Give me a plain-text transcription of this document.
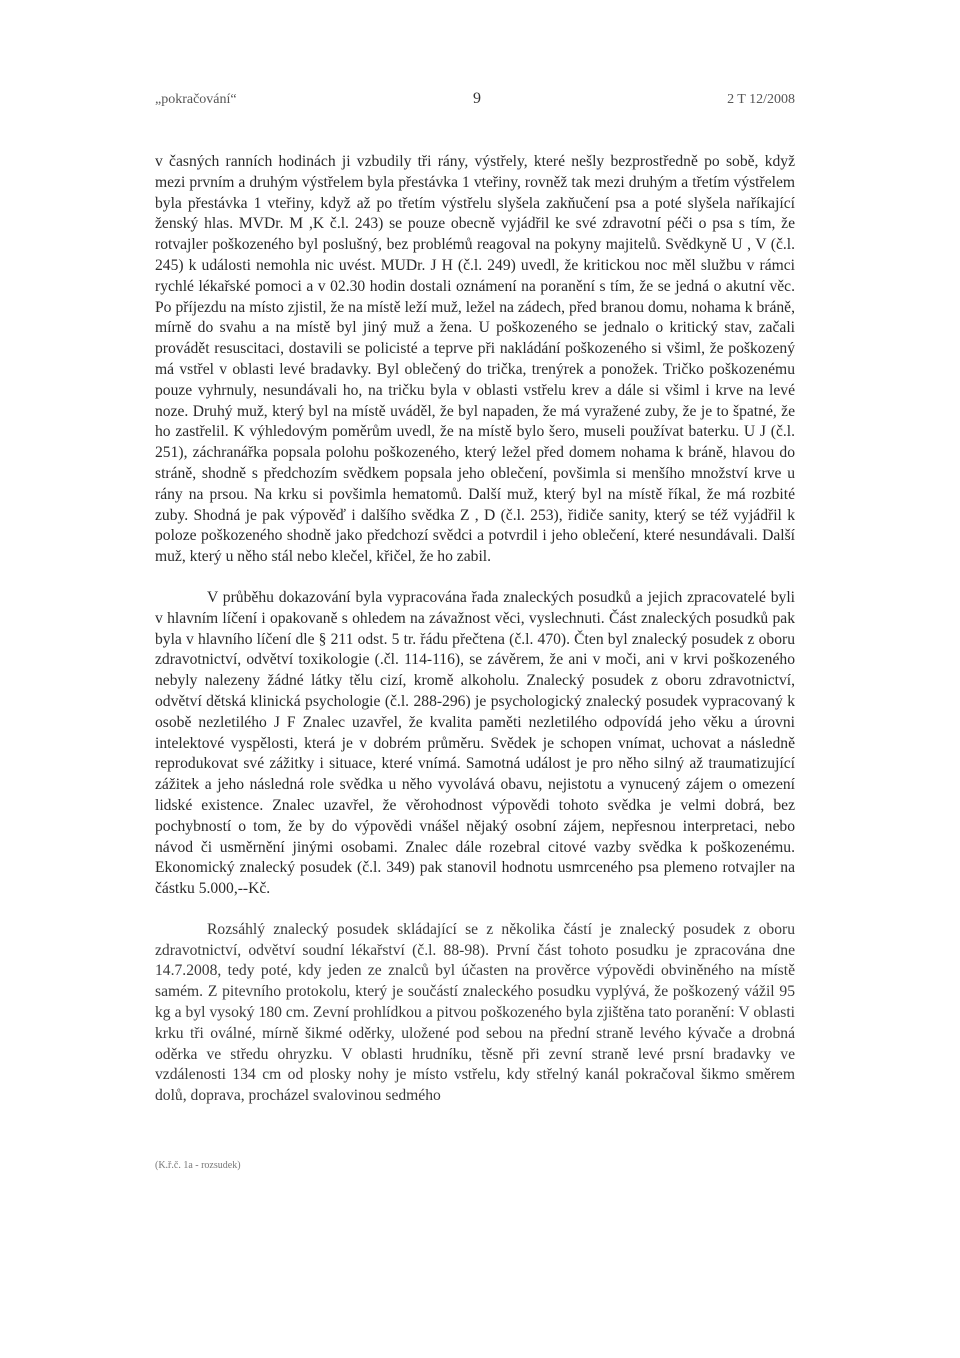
„pokračování“	9	2 T 12/2008

v časných ranních hodinách ji vzbudily tři rány, výstřely, které nešly bezprostředně po sobě, když mezi prvním a druhým výstřelem byla přestávka 1 vteřiny, rovněž tak mezi druhým a třetím výstřelem byla přestávka 1 vteřiny, když až po třetím výstřelu slyšela zakňučení psa a poté slyšela naříkající ženský hlas. MVDr. M ,K č.l. 243) se pouze obecně vyjádřil ke své zdravotní péči o psa s tím, že rotvajler poškozeného byl poslušný, bez problémů reagoval na pokyny majitelů. Svědkyně U , V (č.l. 245) k události nemohla nic uvést. MUDr. J H (č.l. 249) uvedl, že kritickou noc měl službu v rámci rychlé lékařské pomoci a v 02.30 hodin dostali oznámení na poranění s tím, že se jedná o akutní věc. Po příjezdu na místo zjistil, že na místě leží muž, ležel na zádech, před branou domu, nohama k bráně, mírně do svahu a na místě byl jiný muž a žena. U poškozeného se jednalo o kritický stav, začali provádět resuscitaci, dostavili se policisté a teprve při nakládání poškozeného si všiml, že poškozený má vstřel v oblasti levé bradavky. Byl oblečený do trička, trenýrek a ponožek. Tričko poškozenému pouze vyhrnuly, nesundávali ho, na tričku byla v oblasti vstřelu krev a dále si všiml i krve na levé noze. Druhý muž, který byl na místě uváděl, že byl napaden, že má vyražené zuby, že je to špatné, že ho zastřelil. K výhledovým poměrům uvedl, že na místě bylo šero, museli používat baterku. U J (č.l. 251), záchranářka popsala polohu poškozeného, který ležel před domem nohama k bráně, hlavou do stráně, shodně s předchozím svědkem popsala jeho oblečení, povšimla si menšího množství krve u rány na prsou. Na krku si povšimla hematomů. Další muž, který byl na místě říkal, že má rozbité zuby. Shodná je pak výpověď i dalšího svědka Z , D (č.l. 253), řidiče sanity, který se též vyjádřil k poloze poškozeného shodně jako předchozí svědci a potvrdil i jeho oblečení, které nesundávali. Další muž, který u něho stál nebo klečel, křičel, že ho zabil.

V průběhu dokazování byla vypracována řada znaleckých posudků a jejich zpracovatelé byli v hlavním líčení i opakovaně s ohledem na závažnost věci, vyslechnuti. Část znaleckých posudků pak byla v hlavního líčení dle § 211 odst. 5 tr. řádu přečtena (č.l. 470). Čten byl znalecký posudek z oboru zdravotnictví, odvětví toxikologie (.čl. 114-116), se závěrem, že ani v moči, ani v krvi poškozeného nebyly nalezeny žádné látky tělu cizí, kromě alkoholu. Znalecký posudek z oboru zdravotnictví, odvětví dětská klinická psychologie (č.l. 288-296) je psychologický znalecký posudek vypracovaný k osobě nezletilého J F Znalec uzavřel, že kvalita paměti nezletilého odpovídá jeho věku a úrovni intelektové vyspělosti, která je v dobrém průměru. Svědek je schopen vnímat, uchovat a následně reprodukovat své zážitky i situace, které vnímá. Samotná událost je pro něho silný až traumatizující zážitek a jeho následná role svědka u něho vyvolává obavu, nejistotu a vynucený zájem o omezení lidské existence. Znalec uzavřel, že věrohodnost výpovědi tohoto svědka je velmi dobrá, bez pochybností o tom, že by do výpovědi vnášel nějaký osobní zájem, nepřesnou interpretaci, nebo návod či usměrnění jinými osobami. Znalec dále rozebral citové vazby svědka k poškozenému. Ekonomický znalecký posudek (č.l. 349) pak stanovil hodnotu usmrceného psa plemeno rotvajler na částku 5.000,--Kč.

Rozsáhlý znalecký posudek skládající se z několika částí je znalecký posudek z oboru zdravotnictví, odvětví soudní lékařství (č.l. 88-98). První část tohoto posudku je zpracována dne 14.7.2008, tedy poté, kdy jeden ze znalců byl účasten na prověrce výpovědi obviněného na místě samém. Z pitevního protokolu, který je součástí znaleckého posudku vyplývá, že poškozený vážil 95 kg a byl vysoký 180 cm. Zevní prohlídkou a pitvou poškozeného byla zjištěna tato poranění: V oblasti krku tři oválné, mírně šikmé oděrky, uložené pod sebou na přední straně levého kývače a drobná oděrka ve středu ohryzku. V oblasti hrudníku, těsně při zevní straně levé prsní bradavky ve vzdálenosti 134 cm od plosky nohy je místo vstřelu, kdy střelný kanál pokračoval šikmo směrem dolů, doprava, procházel svalovinou sedmého

(K.ř.č. 1a - rozsudek)
